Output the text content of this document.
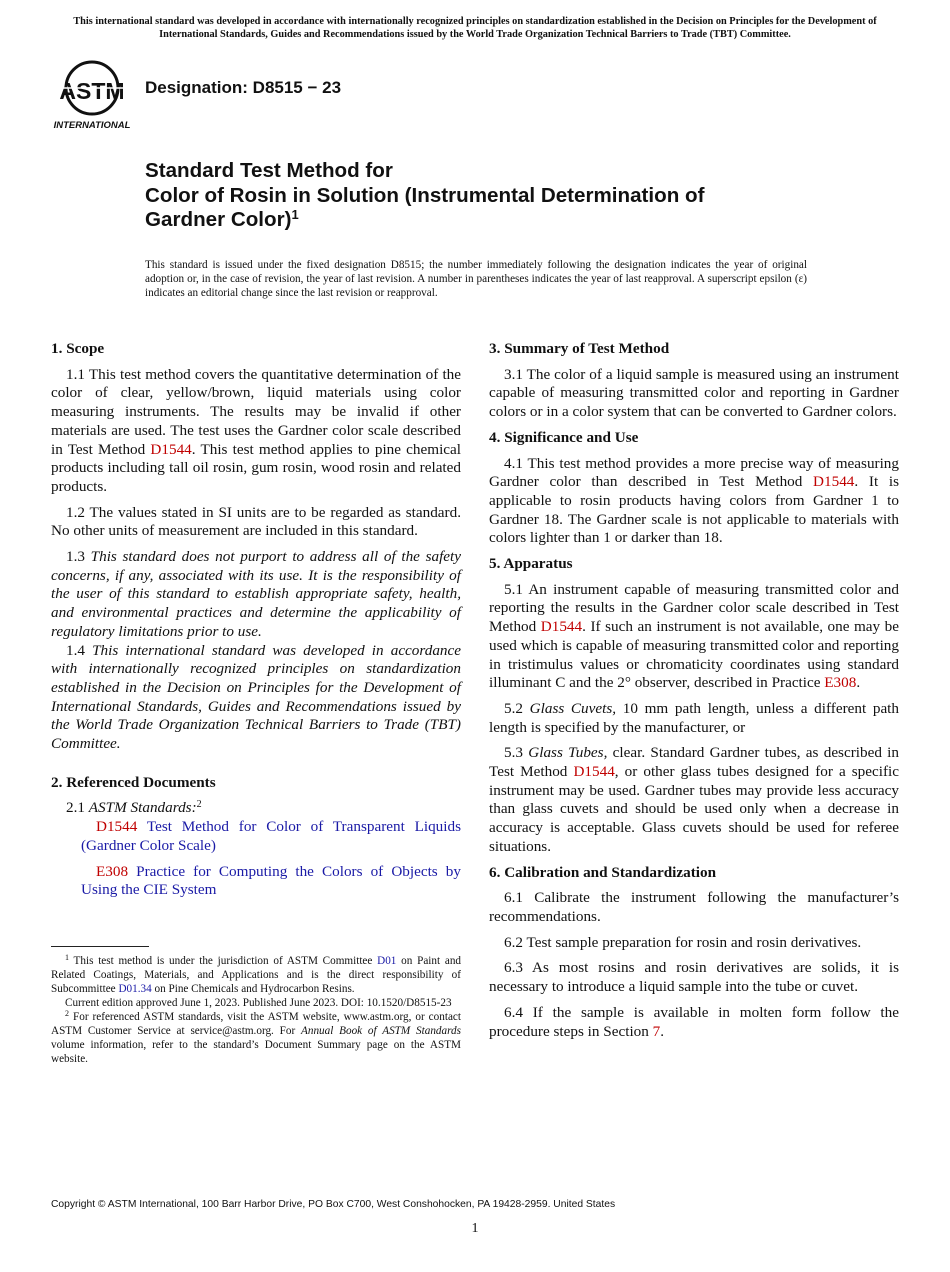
This international standard was developed in accordance with internationally recognized principles on standardization established in the Decision on Principles for the Development of International Standards, Guides and Recommendations issued by the World Trade Organization Technical Barriers to Trade (TBT) Committee.
ASTM
INTERNATIONAL
Designation: D8515 − 23
Standard Test Method for
Color of Rosin in Solution (Instrumental Determination of
Gardner Color)$^1$
This standard is issued under the fixed designation D8515; the number immediately following the designation indicates the year of original adoption or, in the case of revision, the year of last revision. A number in parentheses indicates the year of last reapproval. A superscript epsilon (ε) indicates an editorial change since the last revision or reapproval.
1. Scope

1.1 This test method covers the quantitative determination of the color of clear, yellow/brown, liquid materials using color measuring instruments. The results may be invalid if other materials are used. The test uses the Gardner color scale described in Test Method D1544. This test method applies to pine chemical products including tall oil rosin, gum rosin, wood rosin and related products.

1.2 The values stated in SI units are to be regarded as standard. No other units of measurement are included in this standard.

1.3 This standard does not purport to address all of the safety concerns, if any, associated with its use. It is the responsibility of the user of this standard to establish appropriate safety, health, and environmental practices and determine the applicability of regulatory limitations prior to use.

1.4 This international standard was developed in accordance with internationally recognized principles on standardization established in the Decision on Principles for the Development of International Standards, Guides and Recommendations issued by the World Trade Organization Technical Barriers to Trade (TBT) Committee.

2. Referenced Documents

2.1 ASTM Standards:$^2$

D1544 Test Method for Color of Transparent Liquids (Gardner Color Scale)

E308 Practice for Computing the Colors of Objects by Using the CIE System

3. Summary of Test Method

3.1 The color of a liquid sample is measured using an instrument capable of measuring transmitted color and reporting in Gardner colors or in a color system that can be converted to Gardner colors.

4. Significance and Use

4.1 This test method provides a more precise way of measuring Gardner color than described in Test Method D1544. It is applicable to rosin products having colors from Gardner 1 to Gardner 18. The Gardner scale is not applicable to materials with colors lighter than 1 or darker than 18.

5. Apparatus

5.1 An instrument capable of measuring transmitted color and reporting the results in the Gardner color scale described in Test Method D1544. If such an instrument is not available, one may be used which is capable of measuring transmitted color and reporting in tristimulus values or chromaticity coordinates using standard illuminant C and the 2° observer, described in Practice E308.

5.2 Glass Cuvets, 10 mm path length, unless a different path length is specified by the manufacturer, or

5.3 Glass Tubes, clear. Standard Gardner tubes, as described in Test Method D1544, or other glass tubes designed for a specific instrument may be used. Gardner tubes may provide less accuracy than glass cuvets and should be used only when a decrease in accuracy is acceptable. Glass cuvets should be used for referee situations.

6. Calibration and Standardization

6.1 Calibrate the instrument following the manufacturer’s recommendations.

6.2 Test sample preparation for rosin and rosin derivatives.

6.3 As most rosins and rosin derivatives are solids, it is necessary to introduce a liquid sample into the tube or cuvet.

6.4 If the sample is available in molten form follow the procedure steps in Section 7.

$^1$ This test method is under the jurisdiction of ASTM Committee D01 on Paint and Related Coatings, Materials, and Applications and is the direct responsibility of Subcommittee D01.34 on Pine Chemicals and Hydrocarbon Resins.

Current edition approved June 1, 2023. Published June 2023. DOI: 10.1520/D8515-23

$^2$ For referenced ASTM standards, visit the ASTM website, www.astm.org, or contact ASTM Customer Service at service@astm.org. For Annual Book of ASTM Standards volume information, refer to the standard’s Document Summary page on the ASTM website.

Copyright © ASTM International, 100 Barr Harbor Drive, PO Box C700, West Conshohocken, PA 19428-2959. United States
1
